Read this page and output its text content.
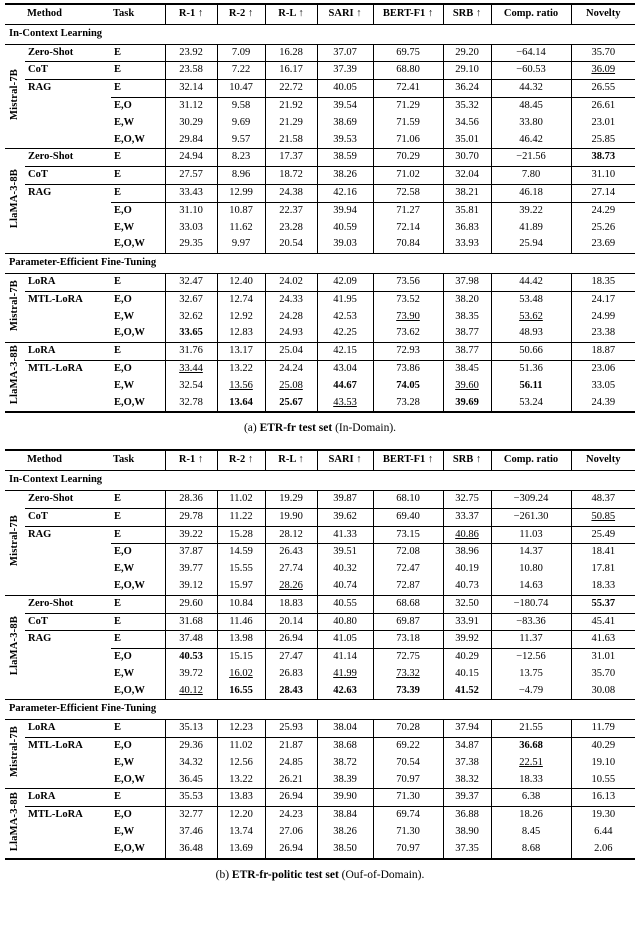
	Method	Task	R-1 ↑	R-2 ↑	R-L ↑	SARI ↑	BERT-F1 ↑	SRB ↑	Comp. ratio	Novelty
In-Context Learning										
Mistral-7B	Zero-Shot	E	23.92	7.09	16.28	37.07	69.75	29.20	−64.14	35.70
	CoT	E	23.58	7.22	16.17	37.39	68.80	29.10	−60.53	36.09
	RAG	E	32.14	10.47	22.72	40.05	72.41	36.24	44.32	26.55
		E,O	31.12	9.58	21.92	39.54	71.29	35.32	48.45	26.61
		E,W	30.29	9.69	21.29	38.69	71.59	34.56	33.80	23.01
		E,O,W	29.84	9.57	21.58	39.53	71.06	35.01	46.42	25.85
LlaMA-3-8B	Zero-Shot	E	24.94	8.23	17.37	38.59	70.29	30.70	−21.56	38.73
	CoT	E	27.57	8.96	18.72	38.26	71.02	32.04	7.80	31.10
	RAG	E	33.43	12.99	24.38	42.16	72.58	38.21	46.18	27.14
		E,O	31.10	10.87	22.37	39.94	71.27	35.81	39.22	24.29
		E,W	33.03	11.62	23.28	40.59	72.14	36.83	41.89	25.26
		E,O,W	29.35	9.97	20.54	39.03	70.84	33.93	25.94	23.69
Parameter-Efficient Fine-Tuning										
Mistral-7B	LoRA	E	32.47	12.40	24.02	42.09	73.56	37.98	44.42	18.35
	MTL-LoRA	E,O	32.67	12.74	24.33	41.95	73.52	38.20	53.48	24.17
		E,W	32.62	12.92	24.28	42.53	73.90	38.35	53.62	24.99
		E,O,W	33.65	12.83	24.93	42.25	73.62	38.77	48.93	23.38
LlaMA-3-8B	LoRA	E	31.76	13.17	25.04	42.15	72.93	38.77	50.66	18.87
	MTL-LoRA	E,O	33.44	13.22	24.24	43.04	73.86	38.45	51.36	23.06
		E,W	32.54	13.56	25.08	44.67	74.05	39.60	56.11	33.05
		E,O,W	32.78	13.64	25.67	43.53	73.28	39.69	53.24	24.39
(a) ETR-fr test set (In-Domain).
	Method	Task	R-1 ↑	R-2 ↑	R-L ↑	SARI ↑	BERT-F1 ↑	SRB ↑	Comp. ratio	Novelty
In-Context Learning										
Mistral-7B	Zero-Shot	E	28.36	11.02	19.29	39.87	68.10	32.75	−309.24	48.37
	CoT	E	29.78	11.22	19.90	39.62	69.40	33.37	−261.30	50.85
	RAG	E	39.22	15.28	28.12	41.33	73.15	40.86	11.03	25.49
		E,O	37.87	14.59	26.43	39.51	72.08	38.96	14.37	18.41
		E,W	39.77	15.55	27.74	40.32	72.47	40.19	10.80	17.81
		E,O,W	39.12	15.97	28.26	40.74	72.87	40.73	14.63	18.33
LlaMA-3-8B	Zero-Shot	E	29.60	10.84	18.83	40.55	68.68	32.50	−180.74	55.37
	CoT	E	31.68	11.46	20.14	40.80	69.87	33.91	−83.36	45.41
	RAG	E	37.48	13.98	26.94	41.05	73.18	39.92	11.37	41.63
		E,O	40.53	15.15	27.47	41.14	72.75	40.29	−12.56	31.01
		E,W	39.72	16.02	26.83	41.99	73.32	40.15	13.75	35.70
		E,O,W	40.12	16.55	28.43	42.63	73.39	41.52	−4.79	30.08
Parameter-Efficient Fine-Tuning										
Mistral-7B	LoRA	E	35.13	12.23	25.93	38.04	70.28	37.94	21.55	11.79
	MTL-LoRA	E,O	29.36	11.02	21.87	38.68	69.22	34.87	36.68	40.29
		E,W	34.32	12.56	24.85	38.72	70.54	37.38	22.51	19.10
		E,O,W	36.45	13.22	26.21	38.39	70.97	38.32	18.33	10.55
LlaMA-3-8B	LoRA	E	35.53	13.83	26.94	39.90	71.30	39.37	6.38	16.13
	MTL-LoRA	E,O	32.77	12.20	24.23	38.84	69.74	36.88	18.26	19.30
		E,W	37.46	13.74	27.06	38.26	71.30	38.90	8.45	6.44
		E,O,W	36.48	13.69	26.94	38.50	70.97	37.35	8.68	2.06
(b) ETR-fr-politic test set (Ouf-of-Domain).
